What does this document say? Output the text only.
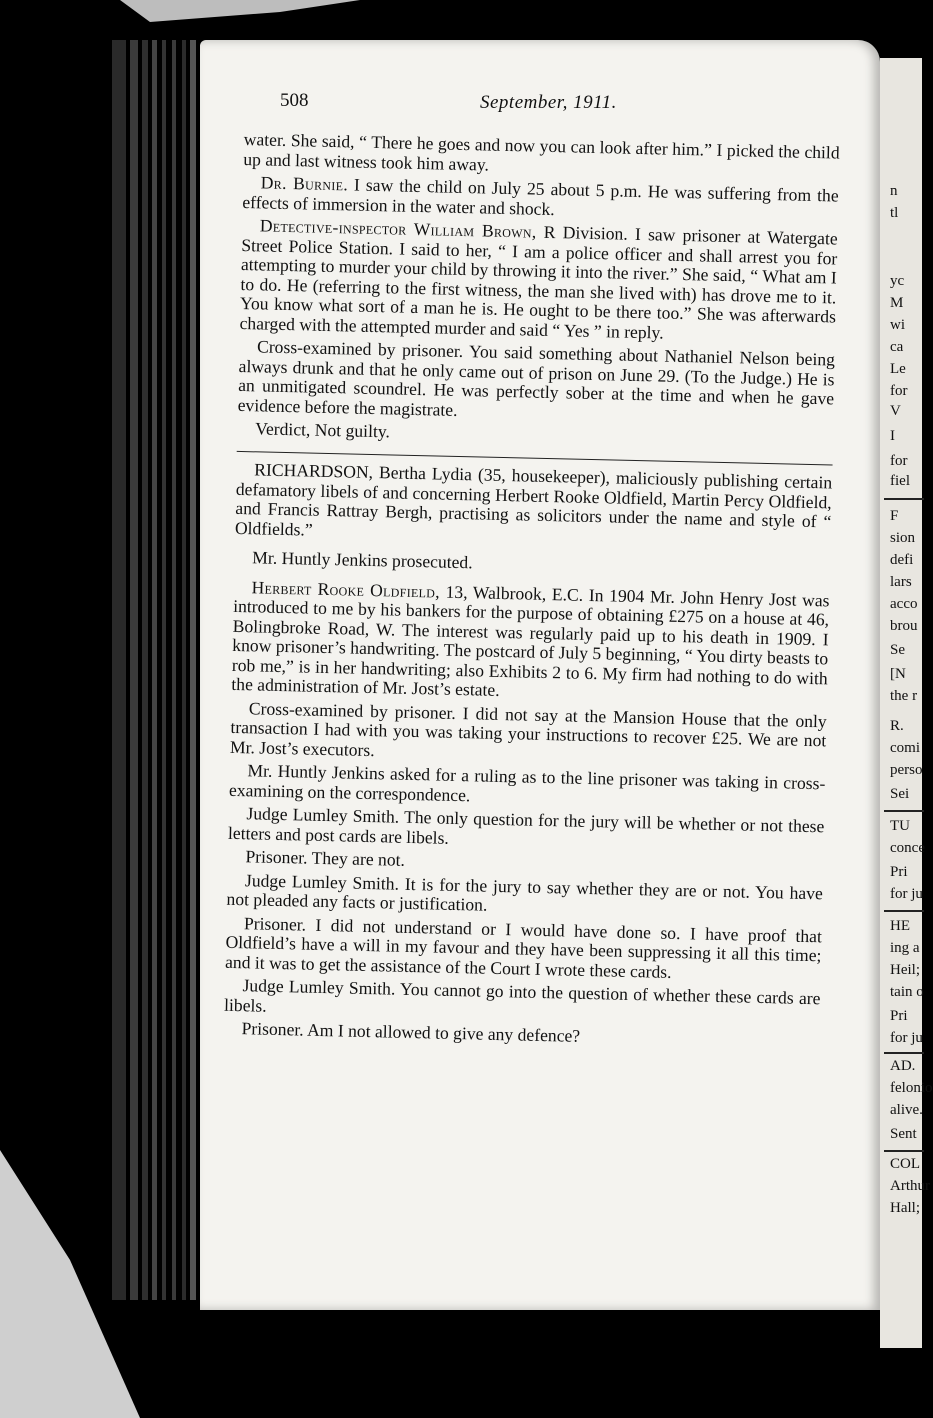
508	September, 1911.

water. She said, “ There he goes and now you can look after him.” I picked the child up and last witness took him away.

Dr. Burnie. I saw the child on July 25 about 5 p.m. He was suffering from the effects of immersion in the water and shock.

Detective-inspector William Brown, R Division. I saw prisoner at Watergate Street Police Station. I said to her, “ I am a police officer and shall arrest you for attempting to murder your child by throwing it into the river.” She said, “ What am I to do. He (referring to the first witness, the man she lived with) has drove me to it. You know what sort of a man he is. He ought to be there too.” She was afterwards charged with the attempted murder and said “ Yes ” in reply.

Cross-examined by prisoner. You said something about Nathaniel Nelson being always drunk and that he only came out of prison on June 29. (To the Judge.) He is an unmitigated scoundrel. He was perfectly sober at the time and when he gave evidence before the magistrate.

Verdict, Not guilty.

RICHARDSON, Bertha Lydia (35, housekeeper), maliciously publishing certain defamatory libels of and concerning Herbert Rooke Oldfield, Martin Percy Oldfield, and Francis Rattray Bergh, practising as solicitors under the name and style of “ Oldfields.”

Mr. Huntly Jenkins prosecuted.

Herbert Rooke Oldfield, 13, Walbrook, E.C. In 1904 Mr. John Henry Jost was introduced to me by his bankers for the purpose of obtaining £275 on a house at 46, Bolingbroke Road, W. The interest was regularly paid up to his death in 1909. I know prisoner’s handwriting. The postcard of July 5 beginning, “ You dirty beasts to rob me,” is in her handwriting; also Exhibits 2 to 6. My firm had nothing to do with the administration of Mr. Jost’s estate.

Cross-examined by prisoner. I did not say at the Mansion House that the only transaction I had with you was taking your instructions to recover £25. We are not Mr. Jost’s executors.

Mr. Huntly Jenkins asked for a ruling as to the line prisoner was taking in cross-examining on the correspondence.

Judge Lumley Smith. The only question for the jury will be whether or not these letters and post cards are libels.

Prisoner. They are not.

Judge Lumley Smith. It is for the jury to say whether they are or not. You have not pleaded any facts or justification.

Prisoner. I did not understand or I would have done so. I have proof that Oldfield’s have a will in my favour and they have been suppressing it all this time; and it was to get the assistance of the Court I wrote these cards.

Judge Lumley Smith. You cannot go into the question of whether these cards are libels.

Prisoner. Am I not allowed to give any defence?

n
tl
yc
M
wi
ca
Le
for
V
I
for
fiel
F
sion
defi
lars
acco
brou
Se
[N
the r
R.
comi
perso
Sei
TU
conce
Pri
for ju
HE
ing a
Heil;
tain o
Pri
for ju
AD.
felonio
alive.
Sent
COL
Arthur
Hall;
